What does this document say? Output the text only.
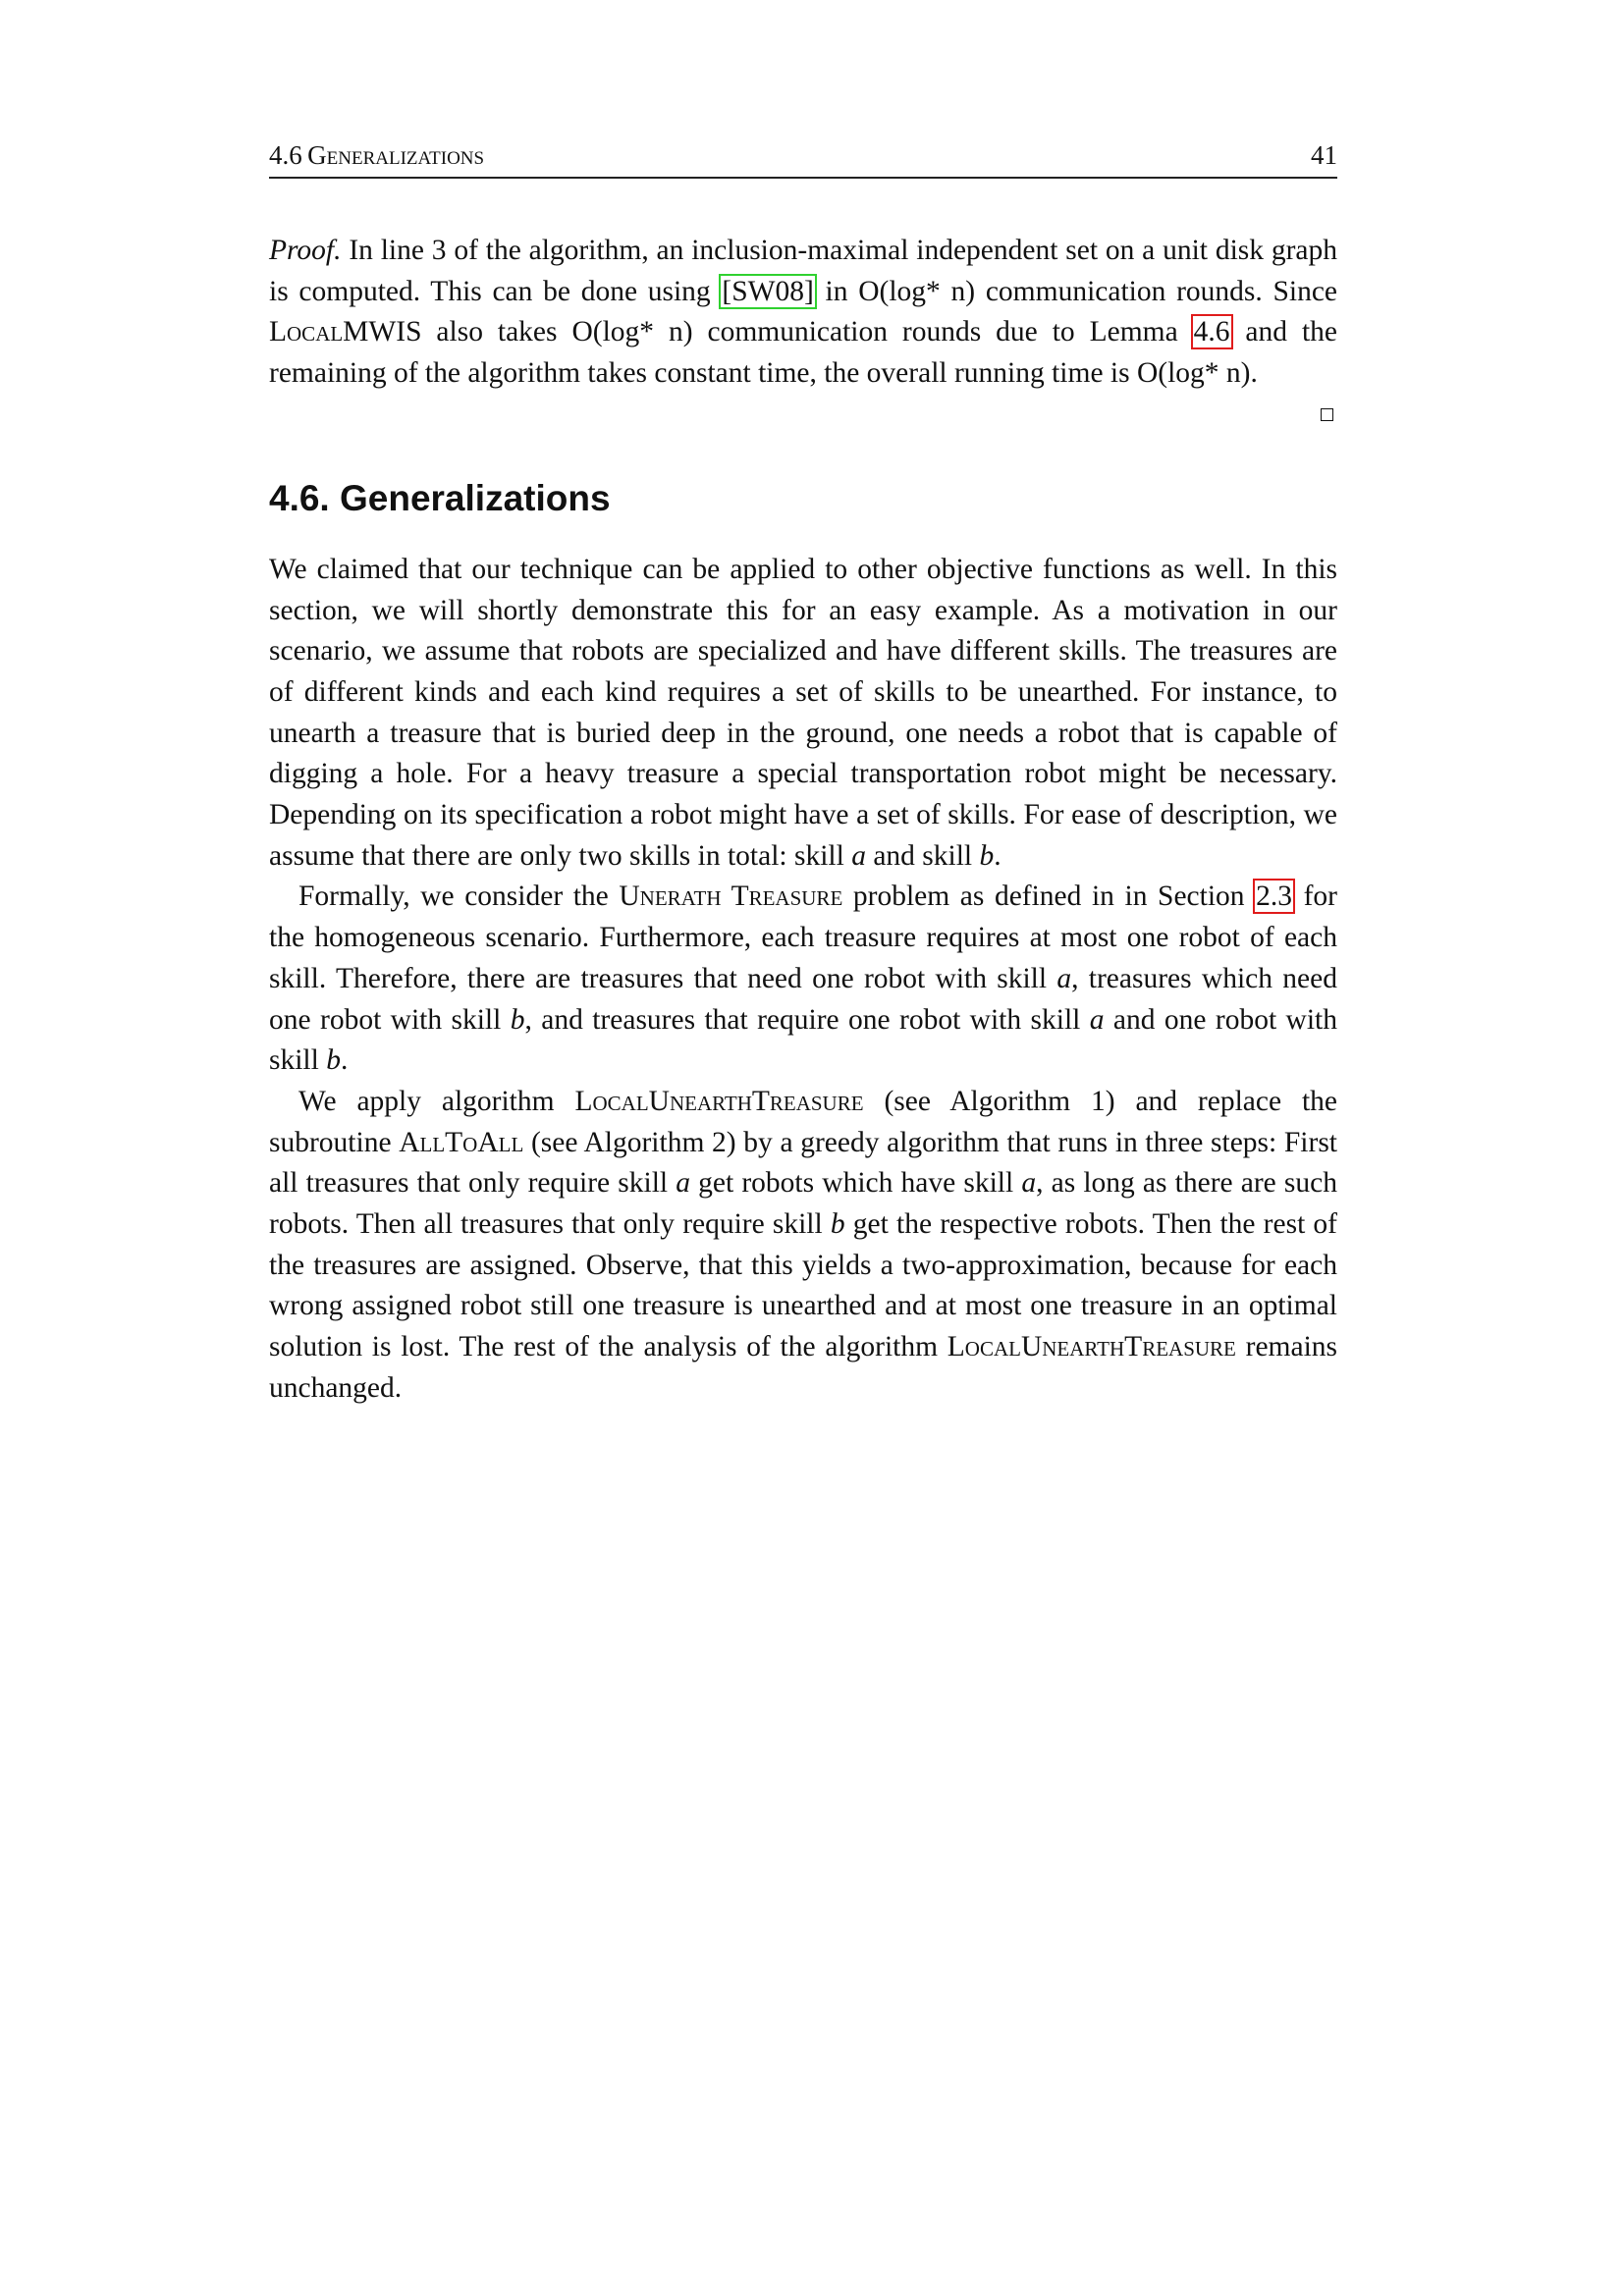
4.6  Generalizations	41

Proof. In line 3 of the algorithm, an inclusion-maximal independent set on a unit disk graph is computed. This can be done using [SW08] in O(log* n) communication rounds. Since LocalMWIS also takes O(log* n) communication rounds due to Lemma 4.6 and the remaining of the algorithm takes constant time, the overall running time is O(log* n).

4.6. Generalizations

We claimed that our technique can be applied to other objective functions as well. In this section, we will shortly demonstrate this for an easy example. As a motivation in our scenario, we assume that robots are specialized and have different skills. The treasures are of different kinds and each kind requires a set of skills to be unearthed. For instance, to unearth a treasure that is buried deep in the ground, one needs a robot that is capable of digging a hole. For a heavy treasure a special transportation robot might be necessary. Depending on its specification a robot might have a set of skills. For ease of description, we assume that there are only two skills in total: skill a and skill b.

Formally, we consider the Unerath Treasure problem as defined in in Section 2.3 for the homogeneous scenario. Furthermore, each treasure requires at most one robot of each skill. Therefore, there are treasures that need one robot with skill a, treasures which need one robot with skill b, and treasures that require one robot with skill a and one robot with skill b.

We apply algorithm LocalUnearthTreasure (see Algorithm 1) and replace the subroutine AllToAll (see Algorithm 2) by a greedy algorithm that runs in three steps: First all treasures that only require skill a get robots which have skill a, as long as there are such robots. Then all treasures that only require skill b get the respective robots. Then the rest of the treasures are assigned. Observe, that this yields a two-approximation, because for each wrong assigned robot still one treasure is unearthed and at most one treasure in an optimal solution is lost. The rest of the analysis of the algorithm LocalUnearthTreasure remains unchanged.
